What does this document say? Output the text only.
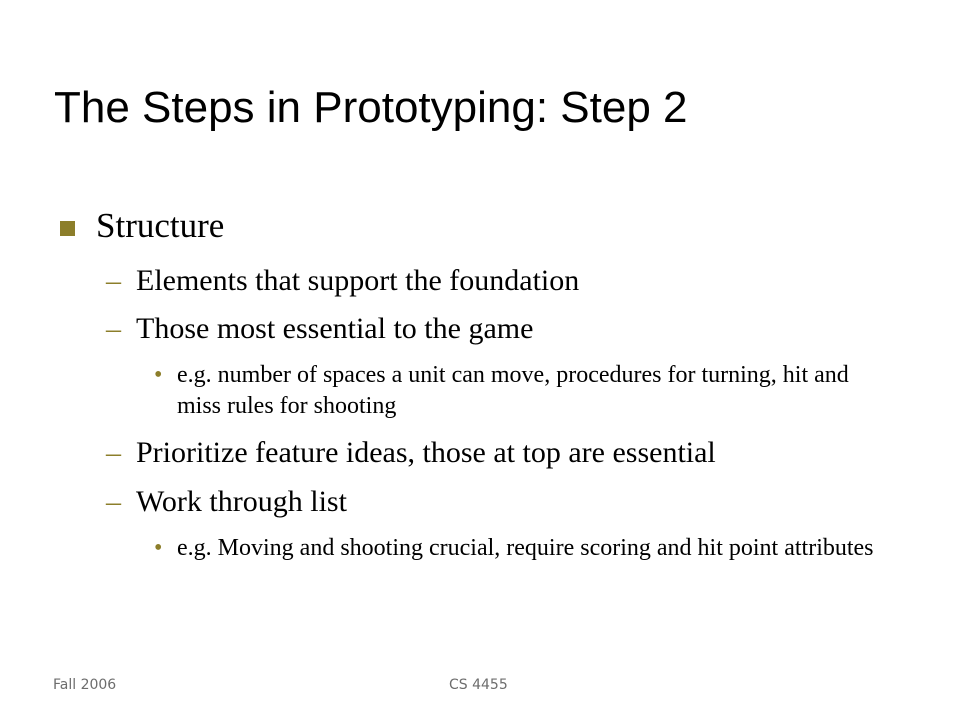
The Steps in Prototyping: Step 2
Structure
– Elements that support the foundation
– Those most essential to the game
• e.g. number of spaces a unit can move, procedures for turning, hit and miss rules for shooting
– Prioritize feature ideas, those at top are essential
– Work through list
• e.g. Moving and shooting crucial, require scoring and hit point attributes
Fall 2006	CS 4455
